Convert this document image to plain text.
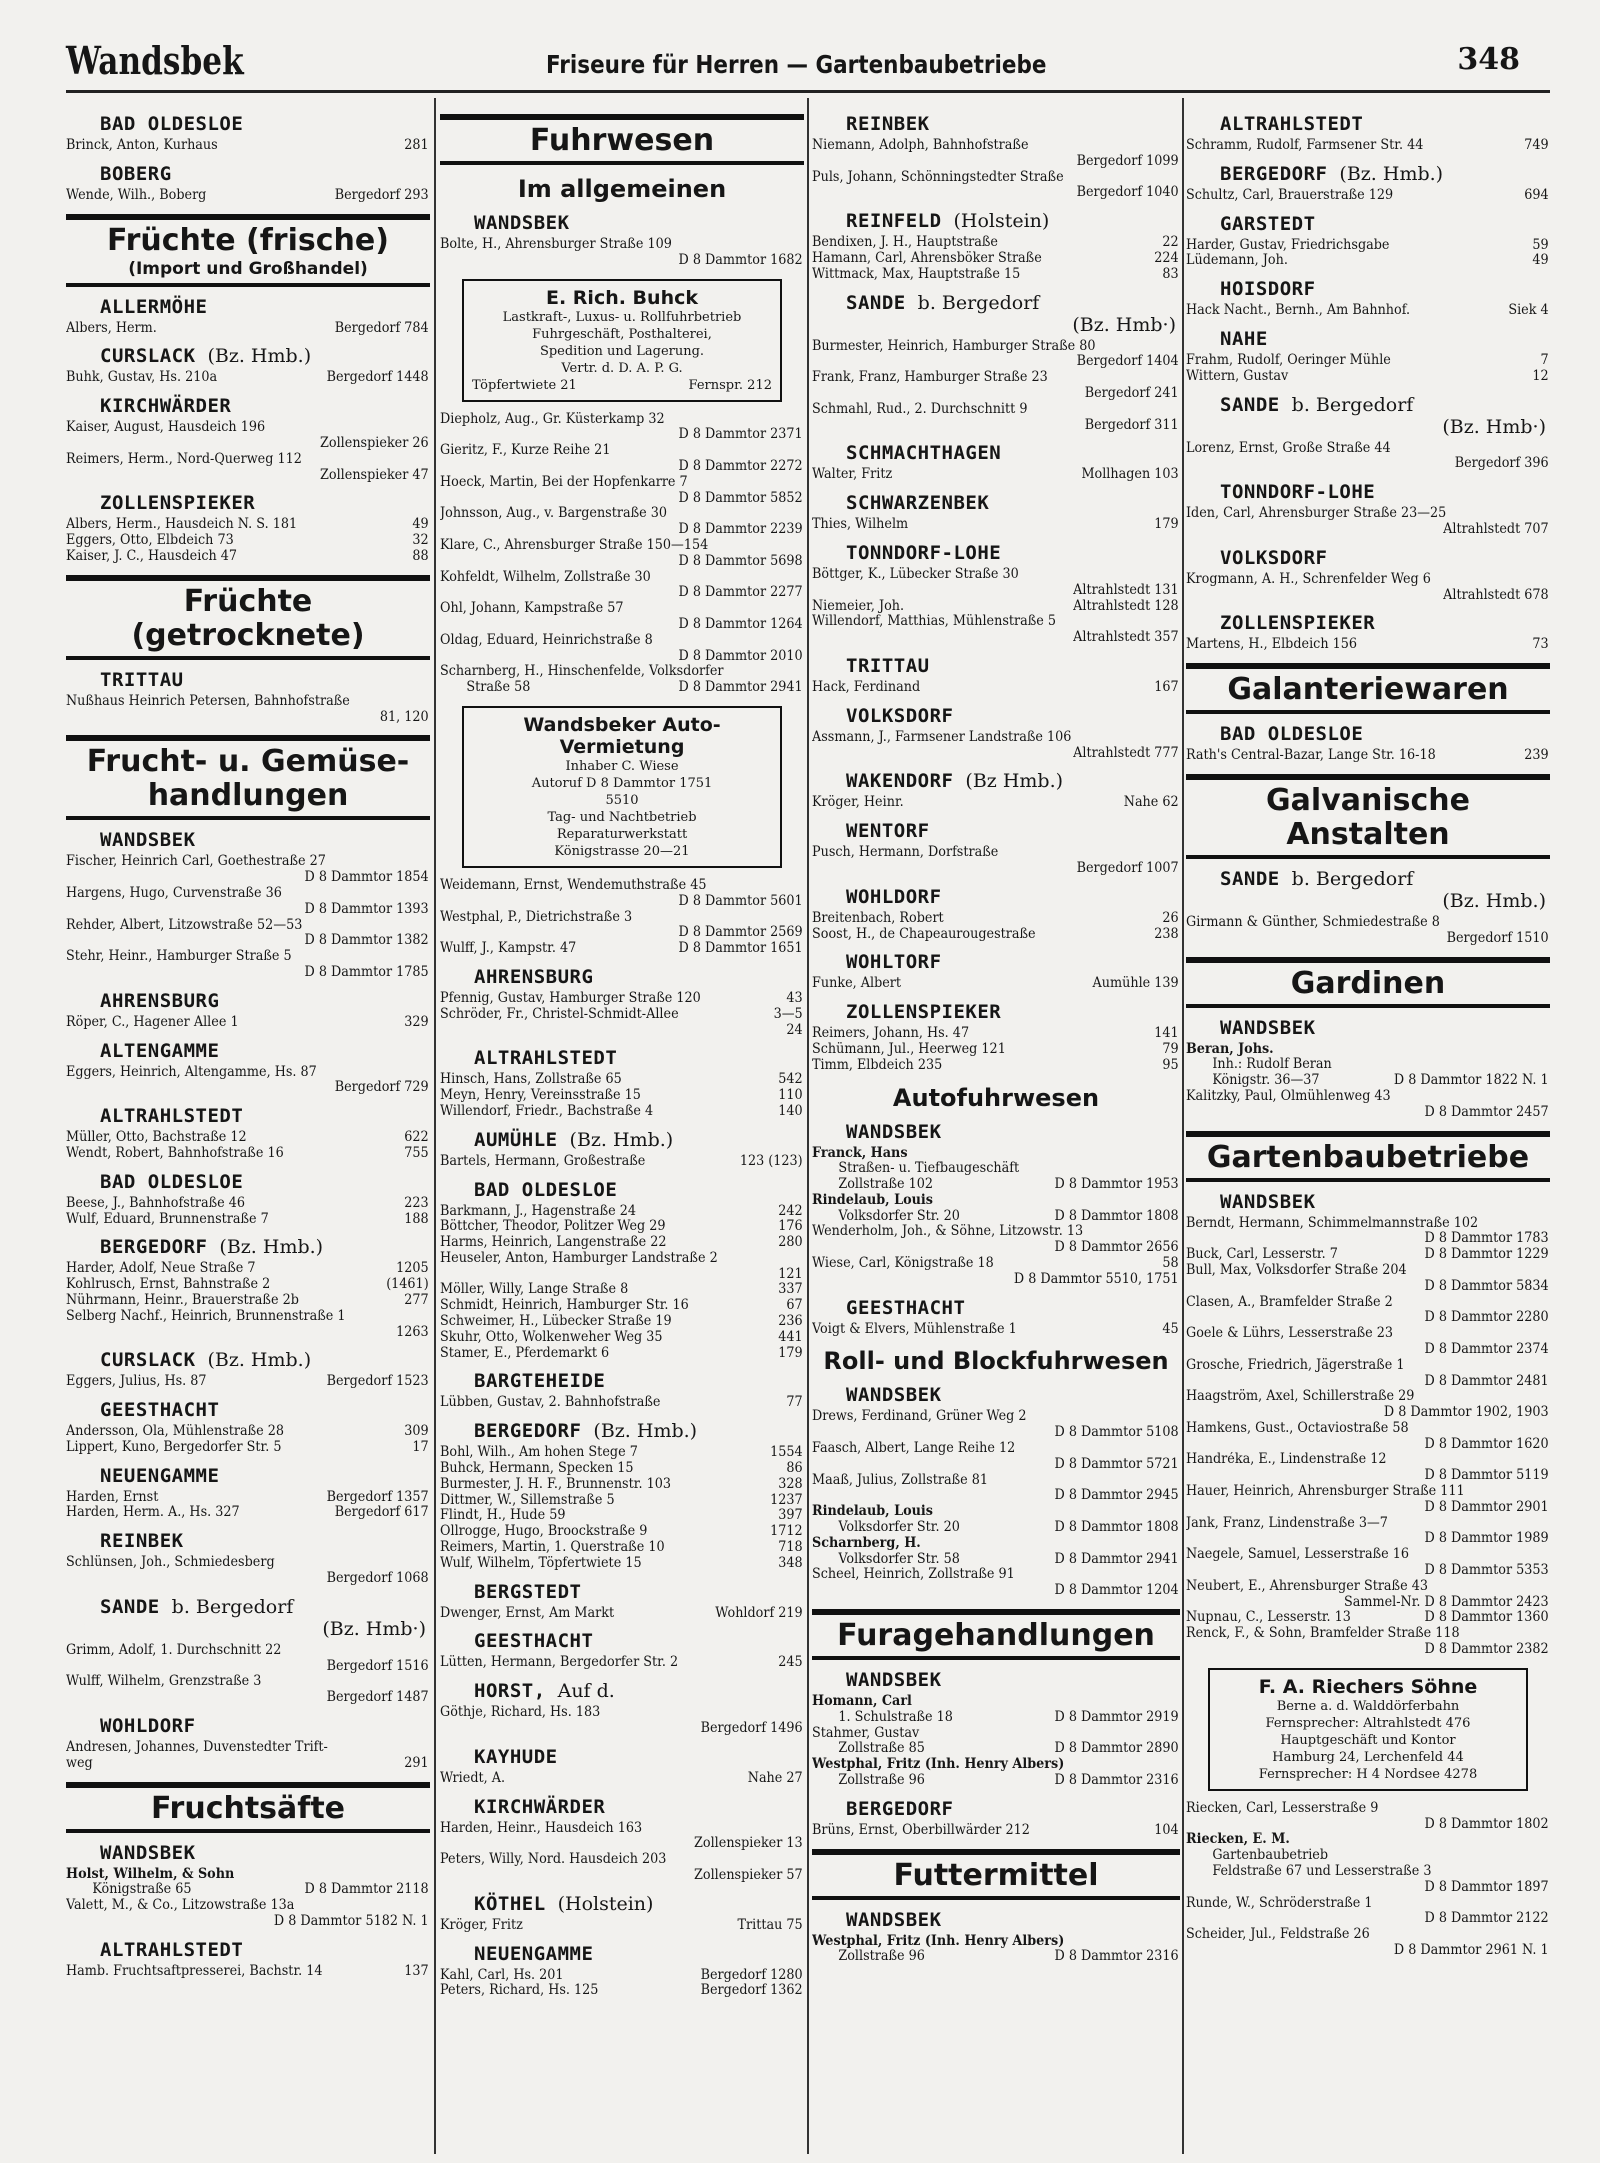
Wandsbek	Friseure für Herren — Gartenbaubetriebe	348
BAD OLDESLOE
Brinck, Anton, Kurhaus	281
BOBERG
Wende, Wilh., Boberg	Bergedorf 293
Früchte (frische)
(Import und Großhandel)
ALLERMÖHE
Albers, Herm.	Bergedorf 784
CURSLACK (Bz. Hmb.)
Buhk, Gustav, Hs. 210a	Bergedorf 1448
KIRCHWÄRDER
Kaiser, August, Hausdeich 196
Zollenspieker 26
Reimers, Herm., Nord-Querweg 112
Zollenspieker 47
ZOLLENSPIEKER
Albers, Herm., Hausdeich N. S. 181	49
Eggers, Otto, Elbdeich 73	32
Kaiser, J. C., Hausdeich 47	88
Früchte (getrocknete)
TRITTAU
Nußhaus Heinrich Petersen, Bahnhofstraße
81, 120
Frucht- u. Gemüse-handlungen
WANDSBEK
Fischer, Heinrich Carl, Goethestraße 27
D 8 Dammtor 1854
Hargens, Hugo, Curvenstraße 36
D 8 Dammtor 1393
Rehder, Albert, Litzowstraße 52—53
D 8 Dammtor 1382
Stehr, Heinr., Hamburger Straße 5
D 8 Dammtor 1785
AHRENSBURG
Röper, C., Hagener Allee 1	329
ALTENGAMME
Eggers, Heinrich, Altengamme, Hs. 87
Bergedorf 729
ALTRAHLSTEDT
Müller, Otto, Bachstraße 12	622
Wendt, Robert, Bahnhofstraße 16	755
BAD OLDESLOE
Beese, J., Bahnhofstraße 46	223
Wulf, Eduard, Brunnenstraße 7	188
BERGEDORF (Bz. Hmb.)
Harder, Adolf, Neue Straße 7	1205
Kohlrusch, Ernst, Bahnstraße 2	(1461)
Nührmann, Heinr., Brauerstraße 2b	277
Selberg Nachf., Heinrich, Brunnenstraße 1
1263
CURSLACK (Bz. Hmb.)
Eggers, Julius, Hs. 87	Bergedorf 1523
GEESTHACHT
Andersson, Ola, Mühlenstraße 28	309
Lippert, Kuno, Bergedorfer Str. 5	17
NEUENGAMME
Harden, Ernst	Bergedorf 1357
Harden, Herm. A., Hs. 327	Bergedorf 617
REINBEK
Schlünsen, Joh., Schmiedesberg
Bergedorf 1068
SANDE b. Bergedorf
(Bz. Hmb·)
Grimm, Adolf, 1. Durchschnitt 22
Bergedorf 1516
Wulff, Wilhelm, Grenzstraße 3
Bergedorf 1487
WOHLDORF
Andresen, Johannes, Duvenstedter Trift-
weg	291
Fruchtsäfte
WANDSBEK
Holst, Wilhelm, & Sohn
Königstraße 65	D 8 Dammtor 2118
Valett, M., & Co., Litzowstraße 13a
D 8 Dammtor 5182 N. 1
ALTRAHLSTEDT
Hamb. Fruchtsaftpresserei, Bachstr. 14	137
Fuhrwesen
Im allgemeinen
WANDSBEK
Bolte, H., Ahrensburger Straße 109
D 8 Dammtor 1682
E. Rich. Buhck
Lastkraft-, Luxus- u. Rollfuhrbetrieb
Fuhrgeschäft, Posthalterei,
Spedition und Lagerung.
Vertr. d. D. A. P. G.
Töpfertwiete 21	Fernspr. 212
Diepholz, Aug., Gr. Küsterkamp 32
D 8 Dammtor 2371
Gieritz, F., Kurze Reihe 21
D 8 Dammtor 2272
Hoeck, Martin, Bei der Hopfenkarre 7
D 8 Dammtor 5852
Johnsson, Aug., v. Bargenstraße 30
D 8 Dammtor 2239
Klare, C., Ahrensburger Straße 150—154
D 8 Dammtor 5698
Kohfeldt, Wilhelm, Zollstraße 30
D 8 Dammtor 2277
Ohl, Johann, Kampstraße 57
D 8 Dammtor 1264
Oldag, Eduard, Heinrichstraße 8
D 8 Dammtor 2010
Scharnberg, H., Hinschenfelde, Volksdorfer
Straße 58	D 8 Dammtor 2941
Wandsbeker Auto-Vermietung
Inhaber C. Wiese
Autoruf D 8 Dammtor 1751
5510
Tag- und Nachtbetrieb
Reparaturwerkstatt
Königstrasse 20—21
Weidemann, Ernst, Wendemuthstraße 45
D 8 Dammtor 5601
Westphal, P., Dietrichstraße 3
D 8 Dammtor 2569
Wulff, J., Kampstr. 47	D 8 Dammtor 1651
AHRENSBURG
Pfennig, Gustav, Hamburger Straße 120	43
Schröder, Fr., Christel-Schmidt-Allee	3—5
24
ALTRAHLSTEDT
Hinsch, Hans, Zollstraße 65	542
Meyn, Henry, Vereinsstraße 15	110
Willendorf, Friedr., Bachstraße 4	140
AUMÜHLE (Bz. Hmb.)
Bartels, Hermann, Großestraße	123 (123)
BAD OLDESLOE
Barkmann, J., Hagenstraße 24	242
Böttcher, Theodor, Politzer Weg 29	176
Harms, Heinrich, Langenstraße 22	280
Heuseler, Anton, Hamburger Landstraße 2
121
Möller, Willy, Lange Straße 8	337
Schmidt, Heinrich, Hamburger Str. 16	67
Schweimer, H., Lübecker Straße 19	236
Skuhr, Otto, Wolkenweher Weg 35	441
Stamer, E., Pferdemarkt 6	179
BARGTEHEIDE
Lübben, Gustav, 2. Bahnhofstraße	77
BERGEDORF (Bz. Hmb.)
Bohl, Wilh., Am hohen Stege 7	1554
Buhck, Hermann, Specken 15	86
Burmester, J. H. F., Brunnenstr. 103	328
Dittmer, W., Sillemstraße 5	1237
Flindt, H., Hude 59	397
Ollrogge, Hugo, Broockstraße 9	1712
Reimers, Martin, 1. Querstraße 10	718
Wulf, Wilhelm, Töpfertwiete 15	348
BERGSTEDT
Dwenger, Ernst, Am Markt	Wohldorf 219
GEESTHACHT
Lütten, Hermann, Bergedorfer Str. 2	245
HORST, Auf d.
Göthje, Richard, Hs. 183
Bergedorf 1496
KAYHUDE
Wriedt, A.	Nahe 27
KIRCHWÄRDER
Harden, Heinr., Hausdeich 163
Zollenspieker 13
Peters, Willy, Nord. Hausdeich 203
Zollenspieker 57
KÖTHEL (Holstein)
Kröger, Fritz	Trittau 75
NEUENGAMME
Kahl, Carl, Hs. 201	Bergedorf 1280
Peters, Richard, Hs. 125	Bergedorf 1362
REINBEK
Niemann, Adolph, Bahnhofstraße
Bergedorf 1099
Puls, Johann, Schönningstedter Straße
Bergedorf 1040
REINFELD (Holstein)
Bendixen, J. H., Hauptstraße	22
Hamann, Carl, Ahrensböker Straße	224
Wittmack, Max, Hauptstraße 15	83
SANDE b. Bergedorf
(Bz. Hmb·)
Burmester, Heinrich, Hamburger Straße 80
Bergedorf 1404
Frank, Franz, Hamburger Straße 23
Bergedorf 241
Schmahl, Rud., 2. Durchschnitt 9
Bergedorf 311
SCHMACHTHAGEN
Walter, Fritz	Mollhagen 103
SCHWARZENBEK
Thies, Wilhelm	179
TONNDORF-LOHE
Böttger, K., Lübecker Straße 30
Altrahlstedt 131
Niemeier, Joh.	Altrahlstedt 128
Willendorf, Matthias, Mühlenstraße 5
Altrahlstedt 357
TRITTAU
Hack, Ferdinand	167
VOLKSDORF
Assmann, J., Farmsener Landstraße 106
Altrahlstedt 777
WAKENDORF (Bz Hmb.)
Kröger, Heinr.	Nahe 62
WENTORF
Pusch, Hermann, Dorfstraße
Bergedorf 1007
WOHLDORF
Breitenbach, Robert	26
Soost, H., de Chapeaurougestraße	238
WOHLTORF
Funke, Albert	Aumühle 139
ZOLLENSPIEKER
Reimers, Johann, Hs. 47	141
Schümann, Jul., Heerweg 121	79
Timm, Elbdeich 235	95
Autofuhrwesen
WANDSBEK
Franck, Hans
Straßen- u. Tiefbaugeschäft
Zollstraße 102	D 8 Dammtor 1953
Rindelaub, Louis
Volksdorfer Str. 20	D 8 Dammtor 1808
Wenderholm, Joh., & Söhne, Litzowstr. 13
D 8 Dammtor 2656
Wiese, Carl, Königstraße 18	58
D 8 Dammtor 5510, 1751
GEESTHACHT
Voigt & Elvers, Mühlenstraße 1	45
Roll- und Blockfuhrwesen
WANDSBEK
Drews, Ferdinand, Grüner Weg 2
D 8 Dammtor 5108
Faasch, Albert, Lange Reihe 12
D 8 Dammtor 5721
Maaß, Julius, Zollstraße 81
D 8 Dammtor 2945
Rindelaub, Louis
Volksdorfer Str. 20	D 8 Dammtor 1808
Scharnberg, H.
Volksdorfer Str. 58	D 8 Dammtor 2941
Scheel, Heinrich, Zollstraße 91
D 8 Dammtor 1204
Furagehandlungen
WANDSBEK
Homann, Carl
1. Schulstraße 18	D 8 Dammtor 2919
Stahmer, Gustav
Zollstraße 85	D 8 Dammtor 2890
Westphal, Fritz (Inh. Henry Albers)
Zollstraße 96	D 8 Dammtor 2316
BERGEDORF
Brüns, Ernst, Oberbillwärder 212	104
Futtermittel
WANDSBEK
Westphal, Fritz (Inh. Henry Albers)
Zollstraße 96	D 8 Dammtor 2316
ALTRAHLSTEDT
Schramm, Rudolf, Farmsener Str. 44	749
BERGEDORF (Bz. Hmb.)
Schultz, Carl, Brauerstraße 129	694
GARSTEDT
Harder, Gustav, Friedrichsgabe	59
Lüdemann, Joh.	49
HOISDORF
Hack Nacht., Bernh., Am Bahnhof.	Siek 4
NAHE
Frahm, Rudolf, Oeringer Mühle	7
Wittern, Gustav	12
SANDE b. Bergedorf
(Bz. Hmb·)
Lorenz, Ernst, Große Straße 44
Bergedorf 396
TONNDORF-LOHE
Iden, Carl, Ahrensburger Straße 23—25
Altrahlstedt 707
VOLKSDORF
Krogmann, A. H., Schrenfelder Weg 6
Altrahlstedt 678
ZOLLENSPIEKER
Martens, H., Elbdeich 156	73
Galanteriewaren
BAD OLDESLOE
Rath's Central-Bazar, Lange Str. 16-18	239
Galvanische Anstalten
SANDE b. Bergedorf
(Bz. Hmb.)
Girmann & Günther, Schmiedestraße 8
Bergedorf 1510
Gardinen
WANDSBEK
Beran, Johs.
Inh.: Rudolf Beran
Königstr. 36—37	D 8 Dammtor 1822 N. 1
Kalitzky, Paul, Olmühlenweg 43
D 8 Dammtor 2457
Gartenbaubetriebe
WANDSBEK
Berndt, Hermann, Schimmelmannstraße 102
D 8 Dammtor 1783
Buck, Carl, Lesserstr. 7	D 8 Dammtor 1229
Bull, Max, Volksdorfer Straße 204
D 8 Dammtor 5834
Clasen, A., Bramfelder Straße 2
D 8 Dammtor 2280
Goele & Lührs, Lesserstraße 23
D 8 Dammtor 2374
Grosche, Friedrich, Jägerstraße 1
D 8 Dammtor 2481
Haagström, Axel, Schillerstraße 29
D 8 Dammtor 1902, 1903
Hamkens, Gust., Octaviostraße 58
D 8 Dammtor 1620
Handréka, E., Lindenstraße 12
D 8 Dammtor 5119
Hauer, Heinrich, Ahrensburger Straße 111
D 8 Dammtor 2901
Jank, Franz, Lindenstraße 3—7
D 8 Dammtor 1989
Naegele, Samuel, Lesserstraße 16
D 8 Dammtor 5353
Neubert, E., Ahrensburger Straße 43
Sammel-Nr. D 8 Dammtor 2423
Nupnau, C., Lesserstr. 13	D 8 Dammtor 1360
Renck, F., & Sohn, Bramfelder Straße 118
D 8 Dammtor 2382
F. A. Riechers Söhne
Berne a. d. Walddörferbahn
Fernsprecher: Altrahlstedt 476
Hauptgeschäft und Kontor
Hamburg 24, Lerchenfeld 44
Fernsprecher: H 4 Nordsee 4278
Riecken, Carl, Lesserstraße 9
D 8 Dammtor 1802
Riecken, E. M.
Gartenbaubetrieb
Feldstraße 67 und Lesserstraße 3
D 8 Dammtor 1897
Runde, W., Schröderstraße 1
D 8 Dammtor 2122
Scheider, Jul., Feldstraße 26
D 8 Dammtor 2961 N. 1
